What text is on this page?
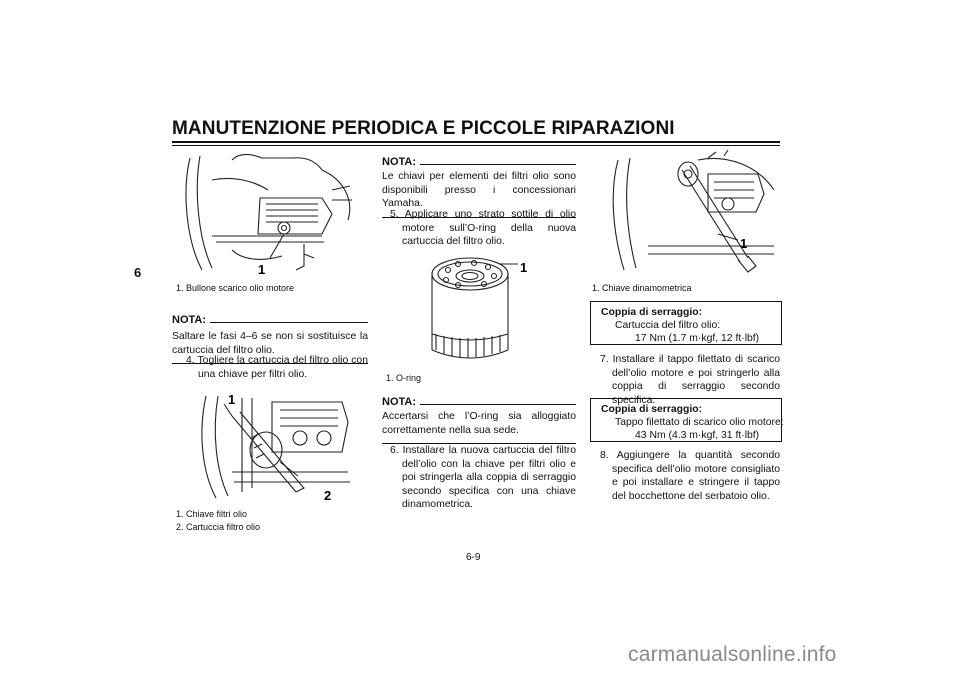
MANUTENZIONE PERIODICA E PICCOLE RIPARAZIONI
6	1
1. Bullone scarico olio motore
NOTA:
Saltare le fasi 4–6 se non si sostituisce la cartuccia del filtro olio.
4. Togliere la cartuccia del filtro olio con una chiave per filtri olio.
1
2
1. Chiave filtri olio
2. Cartuccia filtro olio
NOTA:
Le chiavi per elementi dei filtri olio sono disponibili presso i concessionari Yamaha.
5. Applicare uno strato sottile di olio motore sull’O-ring della nuova cartuccia del filtro olio.
1
1. O-ring
NOTA:
Accertarsi che l’O-ring sia alloggiato correttamente nella sua sede.
6. Installare la nuova cartuccia del filtro dell’olio con la chiave per filtri olio e poi stringerla alla coppia di serraggio secondo specifica con una chiave dinamometrica.
1
1. Chiave dinamometrica
Coppia di serraggio:
Cartuccia del filtro olio:
17 Nm (1.7 m·kgf, 12 ft·lbf)
7. Installare il tappo filettato di scarico dell’olio motore e poi stringerlo alla coppia di serraggio secondo specifica.
Coppia di serraggio:
Tappo filettato di scarico olio motore:
43 Nm (4.3 m·kgf, 31 ft·lbf)
8. Aggiungere la quantità secondo specifica dell’olio motore consigliato e poi installare e stringere il tappo del bocchettone del serbatoio olio.
6-9
carmanualsonline.info
